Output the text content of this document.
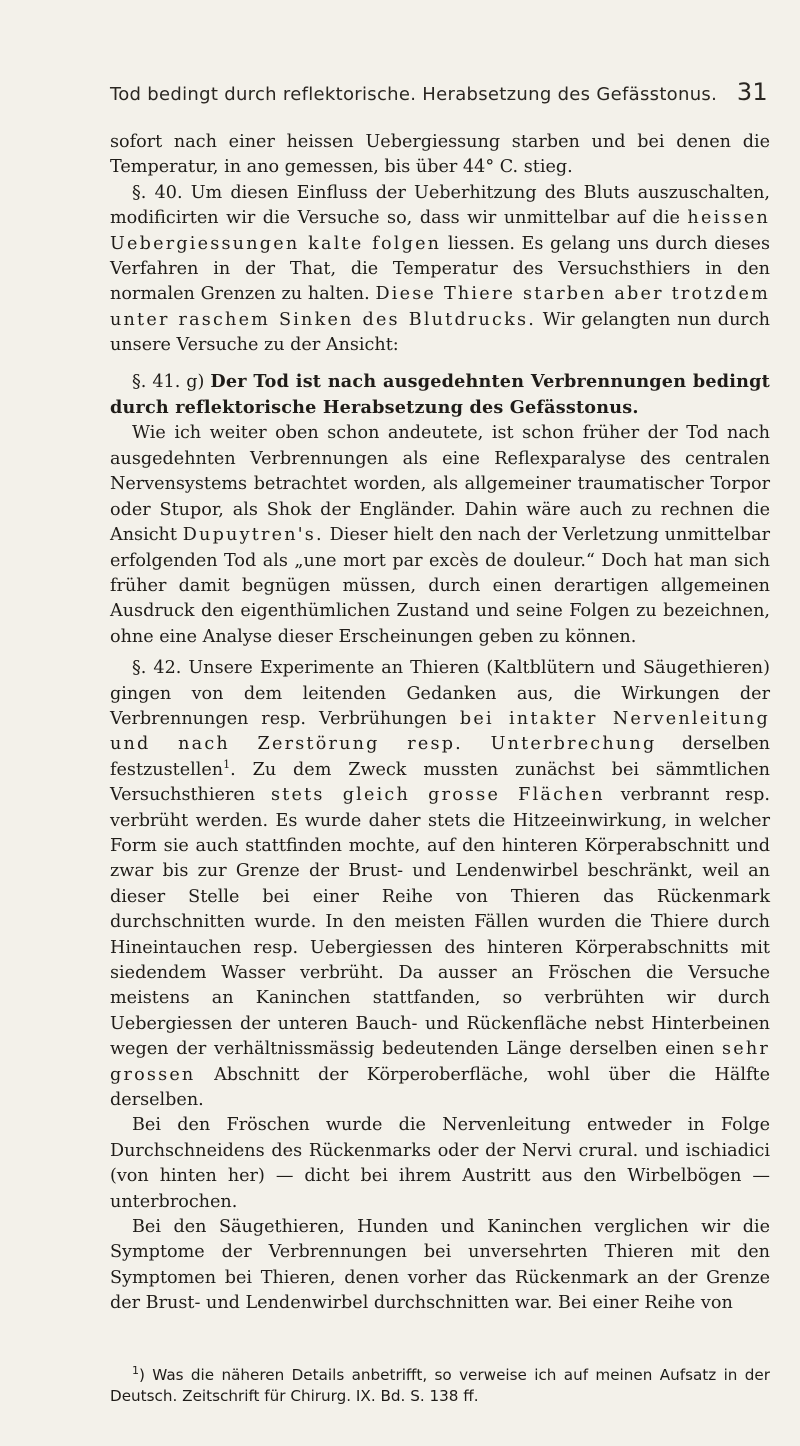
Tod bedingt durch reflektorische. Herabsetzung des Gefässtonus. 31

sofort nach einer heissen Uebergiessung starben und bei denen die Temperatur, in ano gemessen, bis über 44° C. stieg.

§. 40. Um diesen Einfluss der Ueberhitzung des Bluts auszuschalten, modificirten wir die Versuche so, dass wir unmittelbar auf die heissen Uebergiessungen kalte folgen liessen. Es gelang uns durch dieses Verfahren in der That, die Temperatur des Versuchsthiers in den normalen Grenzen zu halten. Diese Thiere starben aber trotzdem unter raschem Sinken des Blutdrucks. Wir gelangten nun durch unsere Versuche zu der Ansicht:

§. 41. g) Der Tod ist nach ausgedehnten Verbrennungen bedingt durch reflektorische Herabsetzung des Gefässtonus.

Wie ich weiter oben schon andeutete, ist schon früher der Tod nach ausgedehnten Verbrennungen als eine Reflexparalyse des centralen Nervensystems betrachtet worden, als allgemeiner traumatischer Torpor oder Stupor, als Shok der Engländer. Dahin wäre auch zu rechnen die Ansicht Dupuytren's. Dieser hielt den nach der Verletzung unmittelbar erfolgenden Tod als „une mort par excès de douleur.“ Doch hat man sich früher damit begnügen müssen, durch einen derartigen allgemeinen Ausdruck den eigenthümlichen Zustand und seine Folgen zu bezeichnen, ohne eine Analyse dieser Erscheinungen geben zu können.

§. 42. Unsere Experimente an Thieren (Kaltblütern und Säugethieren) gingen von dem leitenden Gedanken aus, die Wirkungen der Verbrennungen resp. Verbrühungen bei intakter Nervenleitung und nach Zerstörung resp. Unterbrechung derselben festzustellen$^1$. Zu dem Zweck mussten zunächst bei sämmtlichen Versuchsthieren stets gleich grosse Flächen verbrannt resp. verbrüht werden. Es wurde daher stets die Hitzeeinwirkung, in welcher Form sie auch stattfinden mochte, auf den hinteren Körperabschnitt und zwar bis zur Grenze der Brust- und Lendenwirbel beschränkt, weil an dieser Stelle bei einer Reihe von Thieren das Rückenmark durchschnitten wurde. In den meisten Fällen wurden die Thiere durch Hineintauchen resp. Uebergiessen des hinteren Körperabschnitts mit siedendem Wasser verbrüht. Da ausser an Fröschen die Versuche meistens an Kaninchen stattfanden, so verbrühten wir durch Uebergiessen der unteren Bauch- und Rückenfläche nebst Hinterbeinen wegen der verhältnissmässig bedeutenden Länge derselben einen sehr grossen Abschnitt der Körperoberfläche, wohl über die Hälfte derselben.

Bei den Fröschen wurde die Nervenleitung entweder in Folge Durchschneidens des Rückenmarks oder der Nervi crural. und ischiadici (von hinten her) — dicht bei ihrem Austritt aus den Wirbelbögen — unterbrochen.

Bei den Säugethieren, Hunden und Kaninchen verglichen wir die Symptome der Verbrennungen bei unversehrten Thieren mit den Symptomen bei Thieren, denen vorher das Rückenmark an der Grenze der Brust- und Lendenwirbel durchschnitten war. Bei einer Reihe von

$^1$) Was die näheren Details anbetrifft, so verweise ich auf meinen Aufsatz in der Deutsch. Zeitschrift für Chirurg. IX. Bd. S. 138 ff.
